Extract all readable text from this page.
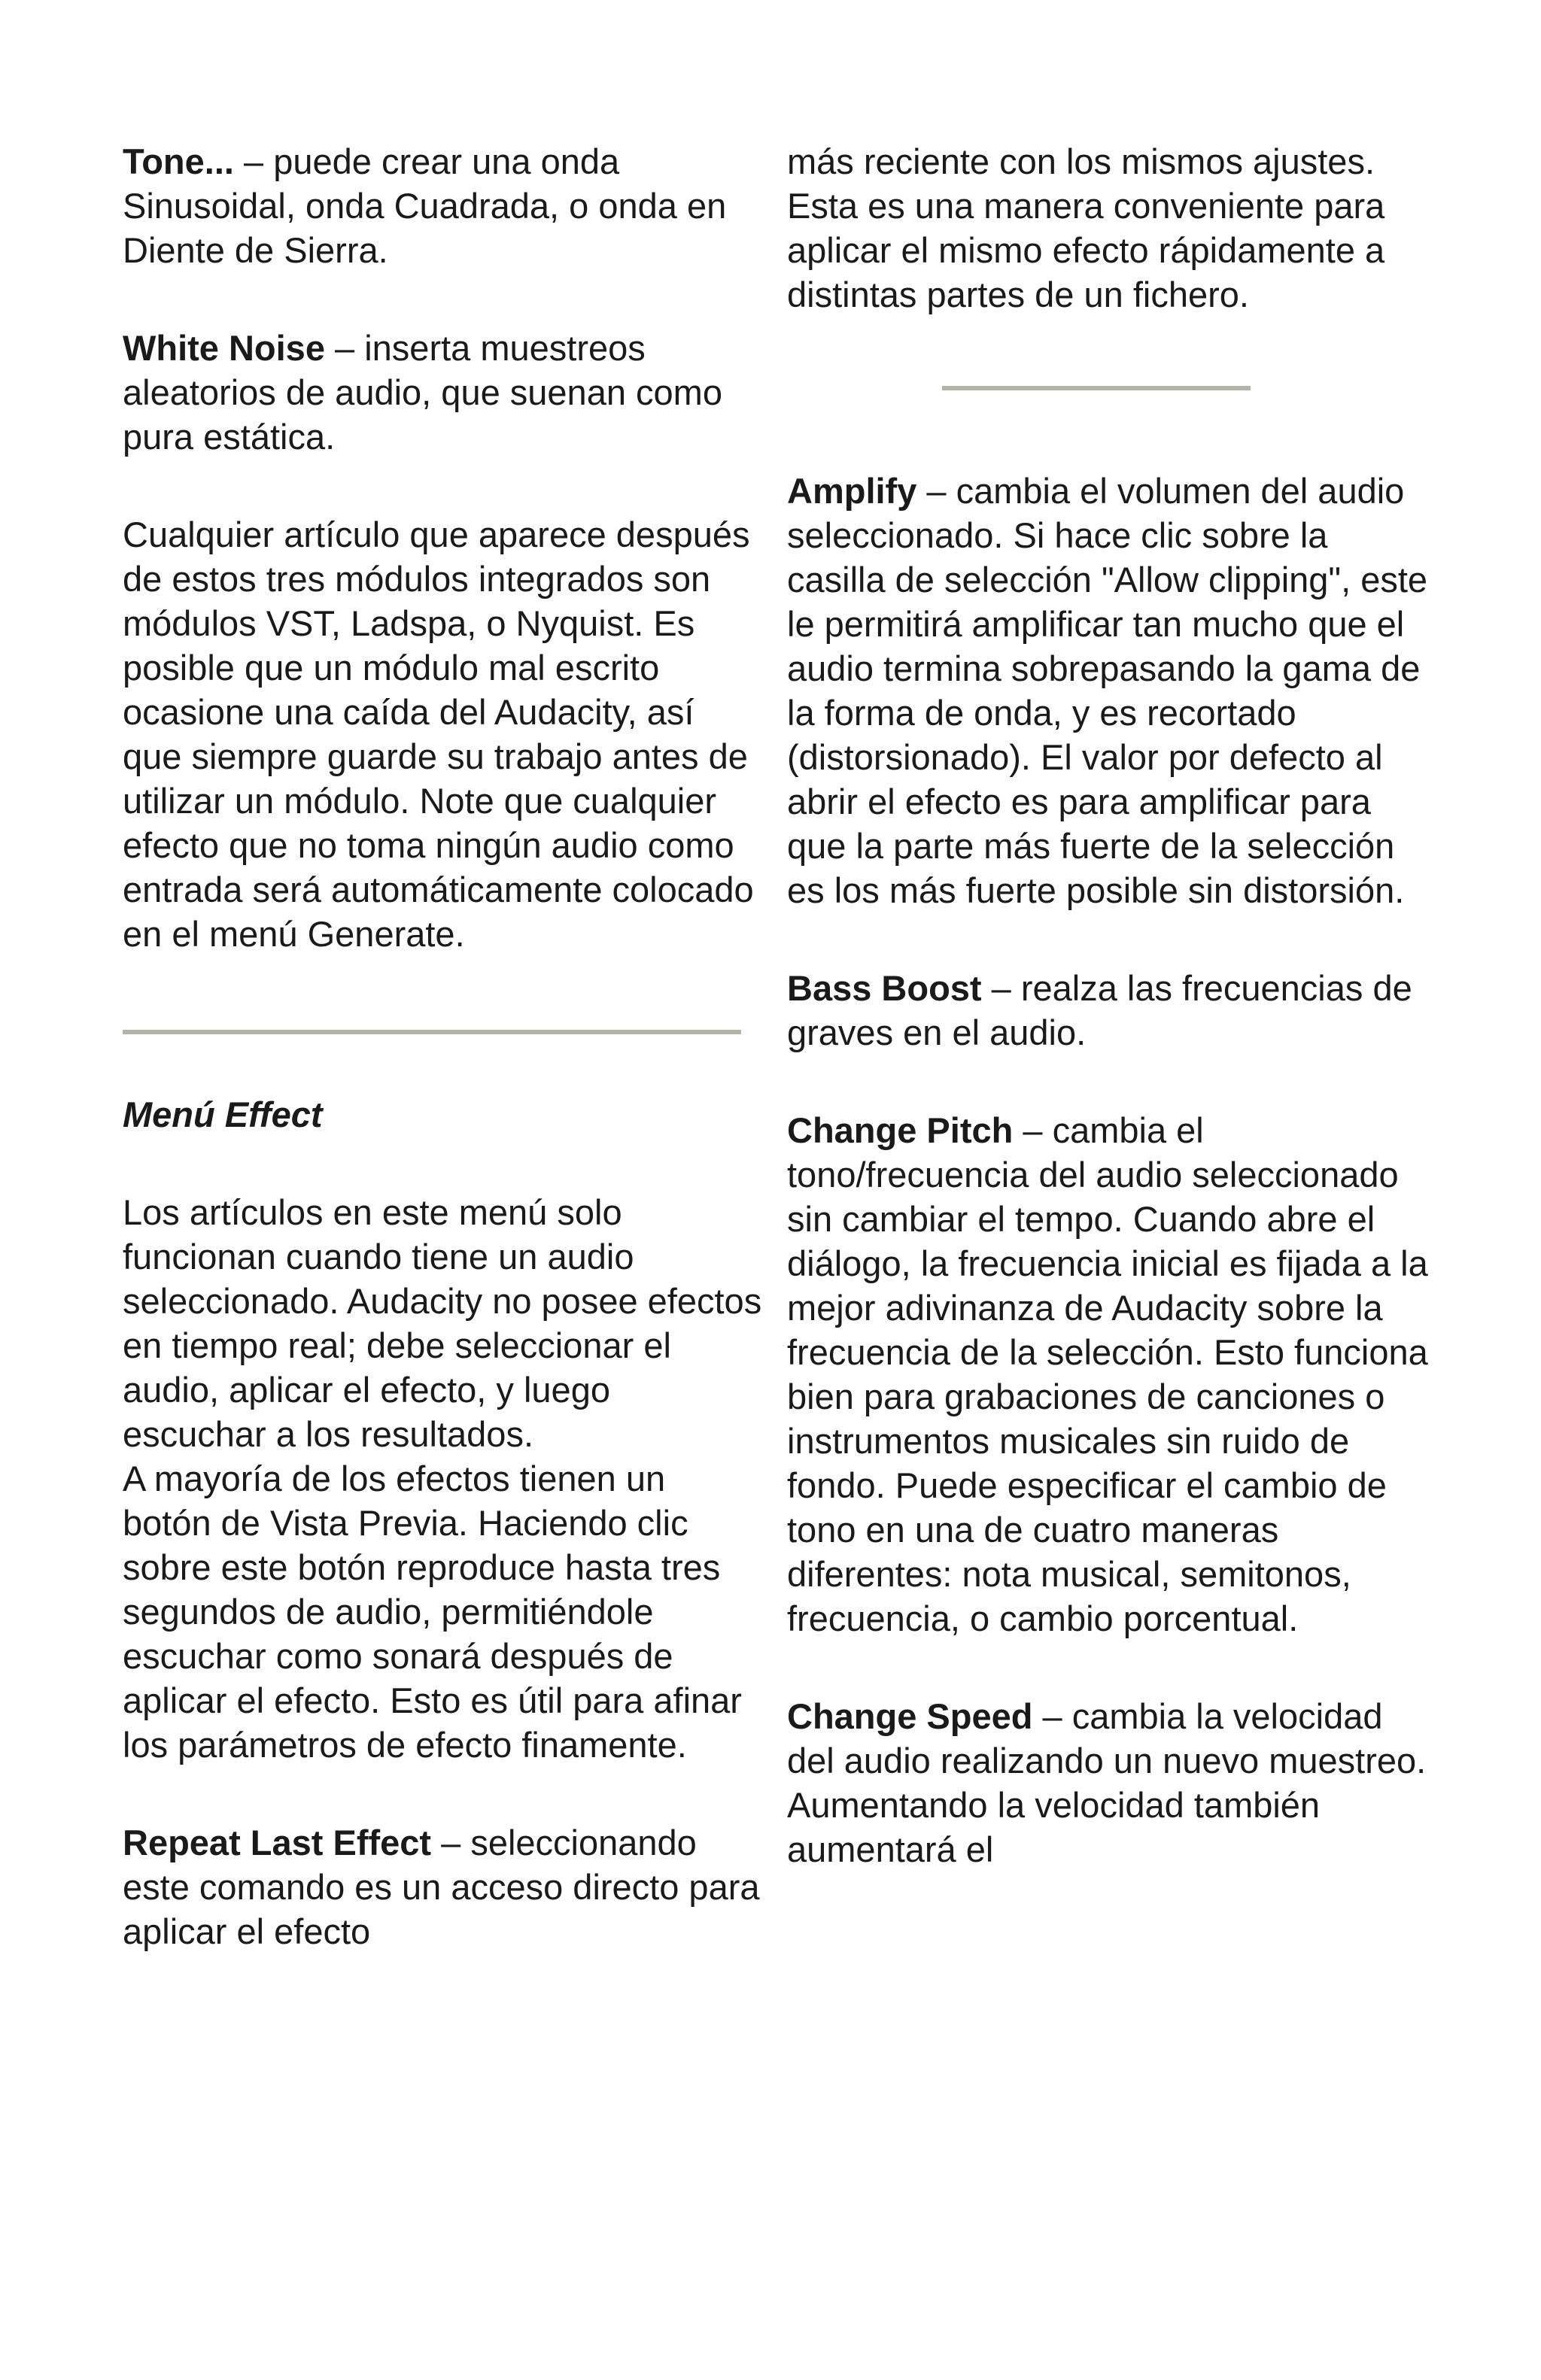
Tone... – puede crear una onda Sinusoidal, onda Cuadrada, o onda en Diente de Sierra.

White Noise – inserta muestreos aleatorios de audio, que suenan como pura estática.

Cualquier artículo que aparece después de estos tres módulos integrados son módulos VST, Ladspa, o Nyquist. Es posible que un módulo mal escrito ocasione una caída del Audacity, así que siempre guarde su trabajo antes de utilizar un módulo. Note que cualquier efecto que no toma ningún audio como entrada será automáticamente colocado en el menú Generate.

Menú Effect

Los artículos en este menú solo funcionan cuando tiene un audio seleccionado. Audacity no posee efectos en tiempo real; debe seleccionar el audio, aplicar el efecto, y luego escuchar a los resultados.

A mayoría de los efectos tienen un botón de Vista Previa. Haciendo clic sobre este botón reproduce hasta tres segundos de audio, permitiéndole escuchar como sonará después de aplicar el efecto. Esto es útil para afinar los parámetros de efecto finamente.

Repeat Last Effect – seleccionando este comando es un acceso directo para aplicar el efecto

más reciente con los mismos ajustes. Esta es una manera conveniente para aplicar el mismo efecto rápidamente a distintas partes de un fichero.

Amplify – cambia el volumen del audio seleccionado. Si hace clic sobre la casilla de selección "Allow clipping", este le permitirá amplificar tan mucho que el audio termina sobrepasando la gama de la forma de onda, y es recortado (distorsionado). El valor por defecto al abrir el efecto es para amplificar para que la parte más fuerte de la selección es los más fuerte posible sin distorsión.

Bass Boost – realza las frecuencias de graves en el audio.

Change Pitch – cambia el tono/frecuencia del audio seleccionado sin cambiar el tempo. Cuando abre el diálogo, la frecuencia inicial es fijada a la mejor adivinanza de Audacity sobre la frecuencia de la selección. Esto funciona bien para grabaciones de canciones o instrumentos musicales sin ruido de fondo. Puede especificar el cambio de tono en una de cuatro maneras diferentes: nota musical, semitonos, frecuencia, o cambio porcentual.

Change Speed – cambia la velocidad del audio realizando un nuevo muestreo. Aumentando la velocidad también aumentará el
